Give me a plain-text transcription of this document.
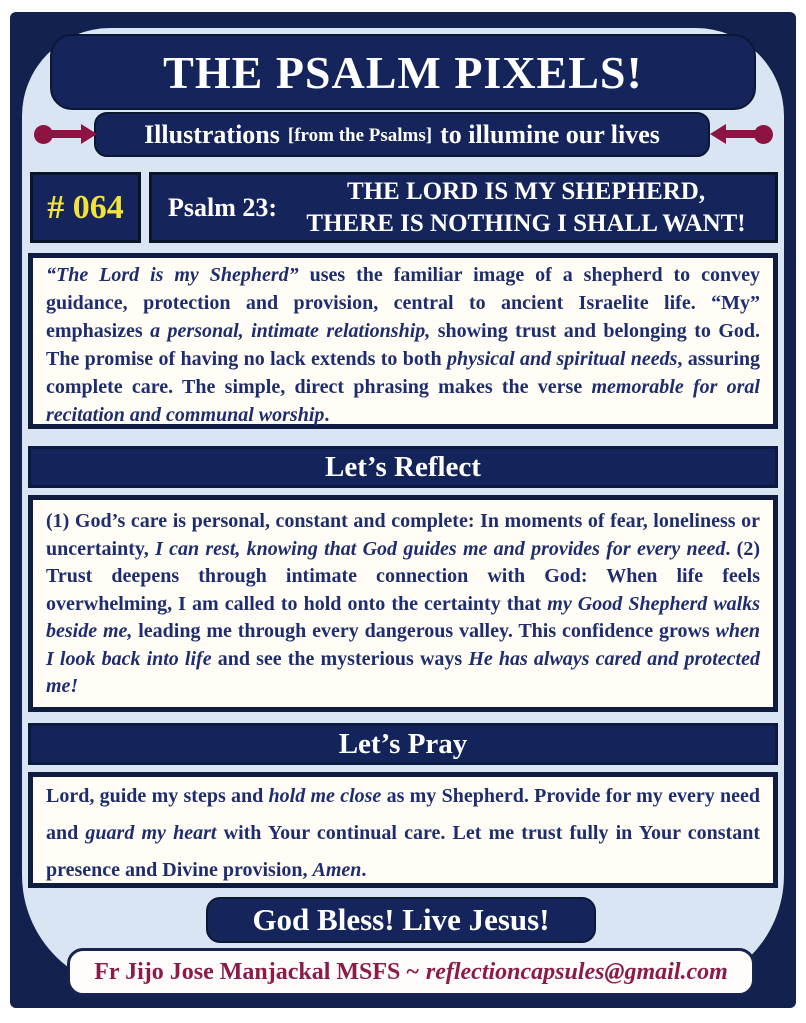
THE PSALM PIXELS!
Illustrations [from the Psalms] to illumine our lives
# 064	Psalm 23:
THE LORD IS MY SHEPHERD,
THERE IS NOTHING I SHALL WANT!
“The Lord is my Shepherd” uses the familiar image of a shepherd to convey guidance, protection and provision, central to ancient Israelite life. “My” emphasizes a personal, intimate relationship, showing trust and belonging to God. The promise of having no lack extends to both physical and spiritual needs, assuring complete care. The simple, direct phrasing makes the verse memorable for oral recitation and communal worship.
Let’s Reflect
(1) God’s care is personal, constant and complete: In moments of fear, loneliness or uncertainty, I can rest, knowing that God guides me and provides for every need. (2) Trust deepens through intimate connection with God: When life feels overwhelming, I am called to hold onto the certainty that my Good Shepherd walks beside me, leading me through every dangerous valley. This confidence grows when I look back into life and see the mysterious ways He has always cared and protected me!
Let’s Pray
Lord, guide my steps and hold me close as my Shepherd. Provide for my every need and guard my heart with Your continual care. Let me trust fully in Your constant presence and Divine provision, Amen.
God Bless! Live Jesus!
Fr Jijo Jose Manjackal MSFS ~ reflectioncapsules@gmail.com
